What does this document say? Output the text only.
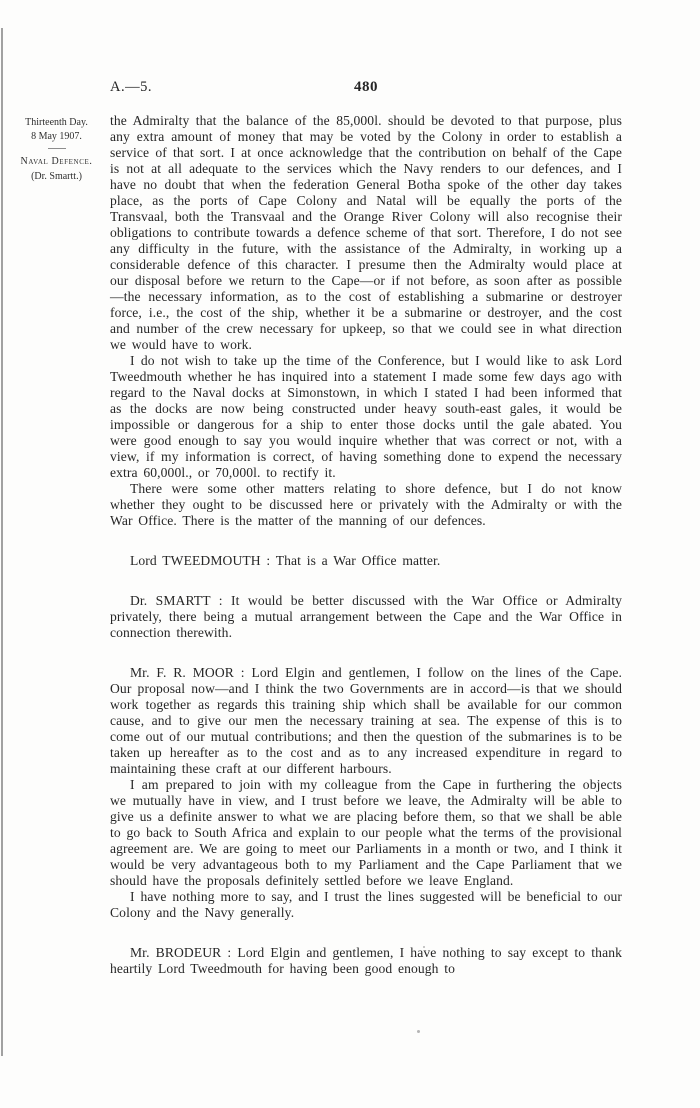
A.—5.	480
Thirteenth Day.
8 May 1907.
Naval Defence.
(Dr. Smartt.)

the Admiralty that the balance of the 85,000l. should be devoted to that purpose, plus any extra amount of money that may be voted by the Colony in order to establish a service of that sort. I at once acknowledge that the contribution on behalf of the Cape is not at all adequate to the services which the Navy renders to our defences, and I have no doubt that when the federation General Botha spoke of the other day takes place, as the ports of Cape Colony and Natal will be equally the ports of the Transvaal, both the Transvaal and the Orange River Colony will also recognise their obligations to contribute towards a defence scheme of that sort. Therefore, I do not see any difficulty in the future, with the assistance of the Admiralty, in working up a considerable defence of this character. I presume then the Admiralty would place at our disposal before we return to the Cape—or if not before, as soon after as possible—the necessary information, as to the cost of establishing a submarine or destroyer force, i.e., the cost of the ship, whether it be a submarine or destroyer, and the cost and number of the crew necessary for upkeep, so that we could see in what direction we would have to work.

I do not wish to take up the time of the Conference, but I would like to ask Lord Tweedmouth whether he has inquired into a statement I made some few days ago with regard to the Naval docks at Simonstown, in which I stated I had been informed that as the docks are now being constructed under heavy south-east gales, it would be impossible or dangerous for a ship to enter those docks until the gale abated. You were good enough to say you would inquire whether that was correct or not, with a view, if my information is correct, of having something done to expend the necessary extra 60,000l., or 70,000l. to rectify it.

There were some other matters relating to shore defence, but I do not know whether they ought to be discussed here or privately with the Admiralty or with the War Office. There is the matter of the manning of our defences.

Lord TWEEDMOUTH : That is a War Office matter.

Dr. SMARTT : It would be better discussed with the War Office or Admiralty privately, there being a mutual arrangement between the Cape and the War Office in connection therewith.

Mr. F. R. MOOR : Lord Elgin and gentlemen, I follow on the lines of the Cape. Our proposal now—and I think the two Governments are in accord—is that we should work together as regards this training ship which shall be available for our common cause, and to give our men the necessary training at sea. The expense of this is to come out of our mutual contributions; and then the question of the submarines is to be taken up hereafter as to the cost and as to any increased expenditure in regard to maintaining these craft at our different harbours.

I am prepared to join with my colleague from the Cape in furthering the objects we mutually have in view, and I trust before we leave, the Admiralty will be able to give us a definite answer to what we are placing before them, so that we shall be able to go back to South Africa and explain to our people what the terms of the provisional agreement are. We are going to meet our Parliaments in a month or two, and I think it would be very advantageous both to my Parliament and the Cape Parliament that we should have the proposals definitely settled before we leave England.

I have nothing more to say, and I trust the lines suggested will be beneficial to our Colony and the Navy generally.

Mr. BRODEUR : Lord Elgin and gentlemen, I have nothing to say except to thank heartily Lord Tweedmouth for having been good enough to
